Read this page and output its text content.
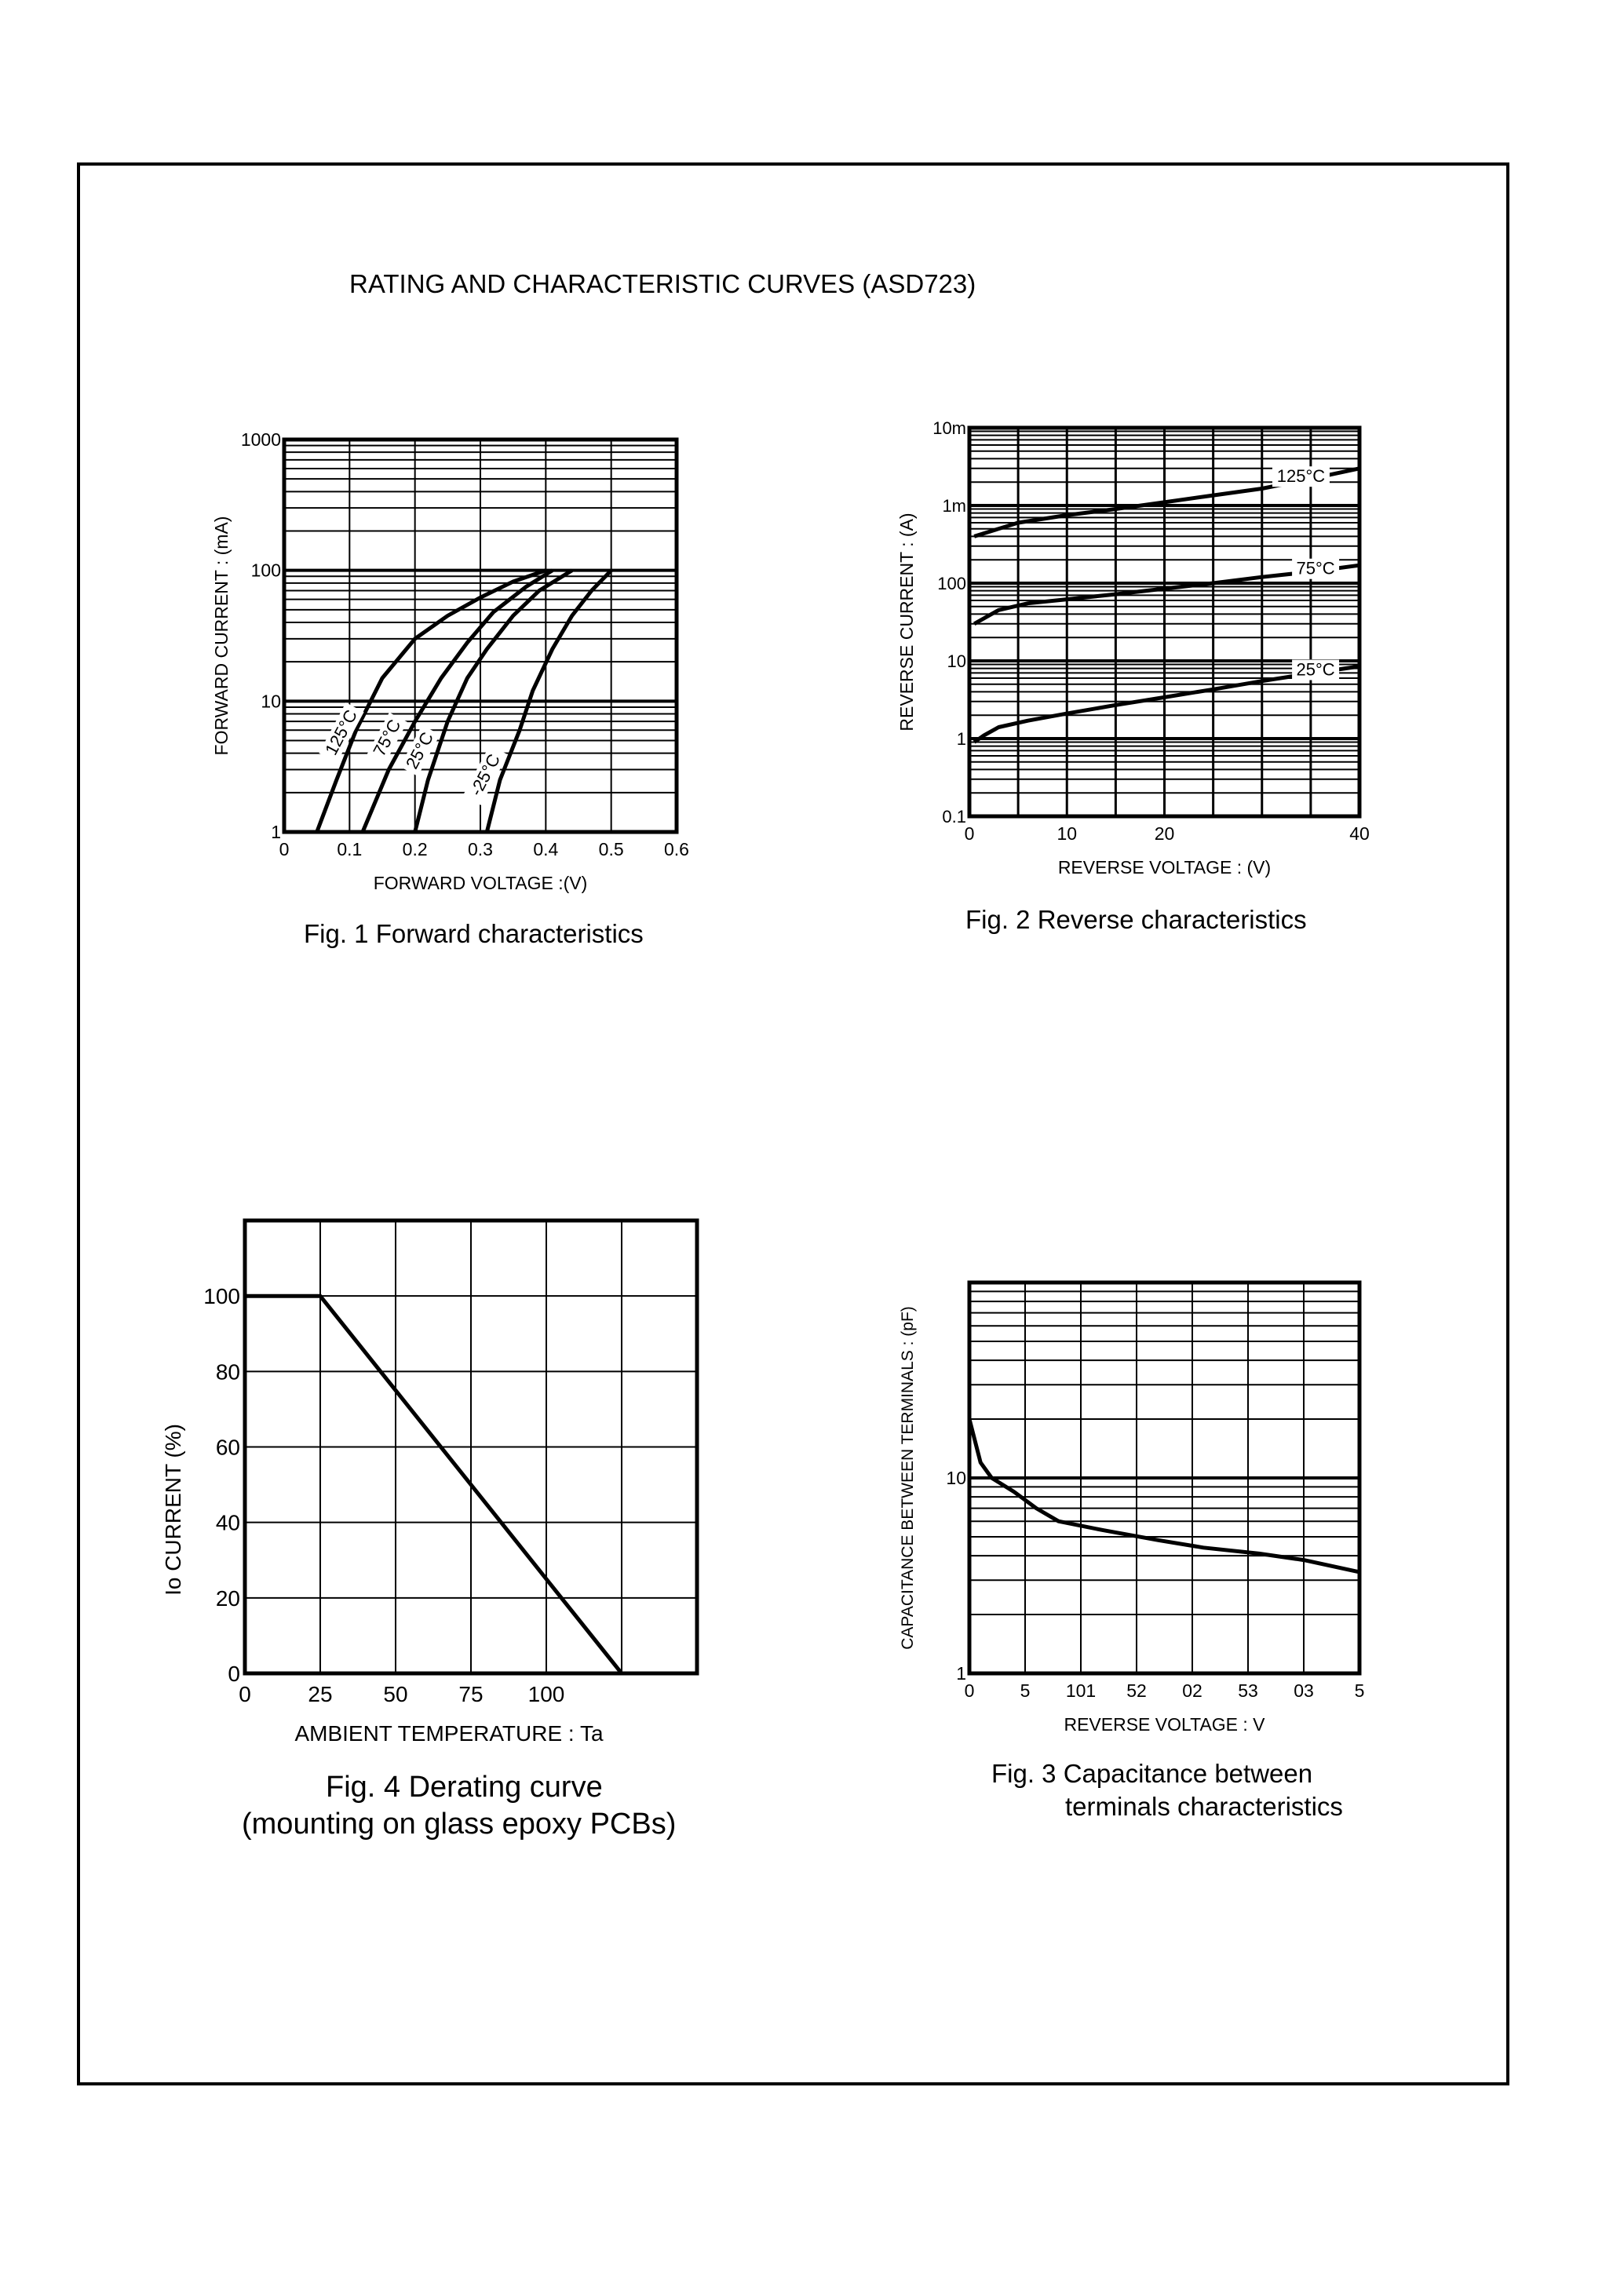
RATING AND CHARACTERISTIC CURVES (ASD723)
0	0.1 0.2 0.3 0.4 0.5 0.6
1
10
100
1000
FORWARD VOLTAGE :(V)
FORWARD CURRENT : (mA)	125°C 75°C
25°C
-25°C
0	10	20	40
0.1
1
10
100
1m
10m
REVERSE VOLTAGE : (V)
REVERSE CURRENT : (A)
125°C
75°C
25°C
0	5 101 52 02 53 03 5
1
10
REVERSE VOLTAGE : V
CAPACITANCE BETWEEN TERMINALS : (pF)
0	25 50 75 100
0
20
40
60
80
100
AMBIENT TEMPERATURE : Ta
Io CURRENT (%)
Fig. 1 Forward characteristics	Fig. 2 Reverse characteristics
Fig. 3 Capacitance between
terminals characteristics
Fig. 4 Derating curve
(mounting on glass epoxy PCBs)
